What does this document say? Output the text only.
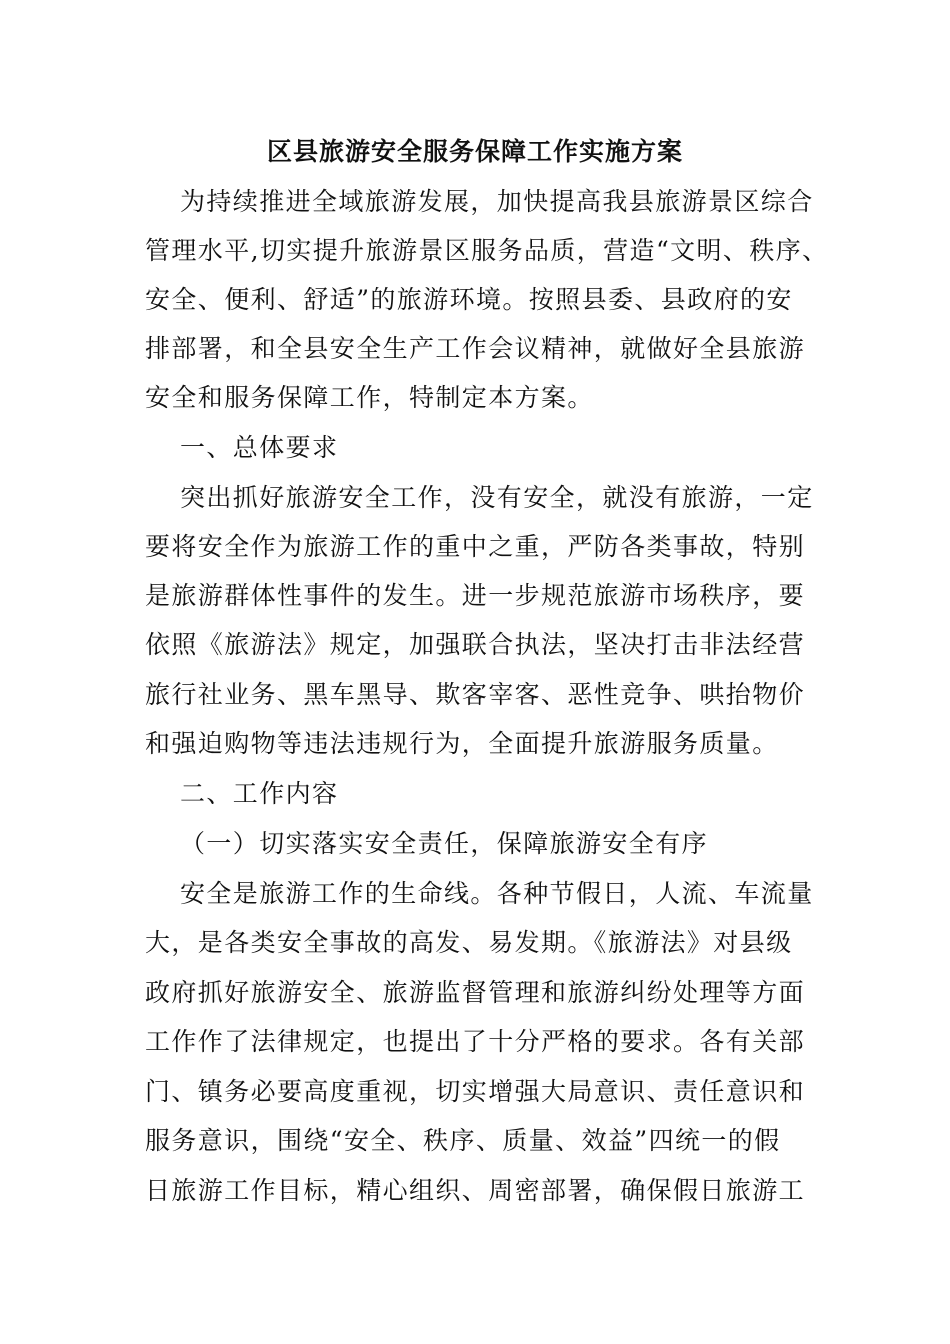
区县旅游安全服务保障工作实施方案

为持续推进全域旅游发展，加快提高我县旅游景区综合

管理水平,切实提升旅游景区服务品质，营造“文明、秩序、

安全、便利、舒适”的旅游环境。按照县委、县政府的安

排部署，和全县安全生产工作会议精神，就做好全县旅游

安全和服务保障工作，特制定本方案。

一、总体要求

突出抓好旅游安全工作，没有安全，就没有旅游，一定

要将安全作为旅游工作的重中之重，严防各类事故，特别

是旅游群体性事件的发生。进一步规范旅游市场秩序，要

依照《旅游法》规定，加强联合执法，坚决打击非法经营

旅行社业务、黑车黑导、欺客宰客、恶性竞争、哄抬物价

和强迫购物等违法违规行为，全面提升旅游服务质量。

二、工作内容

（一）切实落实安全责任，保障旅游安全有序

安全是旅游工作的生命线。各种节假日，人流、车流量

大，是各类安全事故的高发、易发期。《旅游法》对县级

政府抓好旅游安全、旅游监督管理和旅游纠纷处理等方面

工作作了法律规定，也提出了十分严格的要求。各有关部

门、镇务必要高度重视，切实增强大局意识、责任意识和

服务意识，围绕“安全、秩序、质量、效益”四统一的假

日旅游工作目标，精心组织、周密部署，确保假日旅游工
